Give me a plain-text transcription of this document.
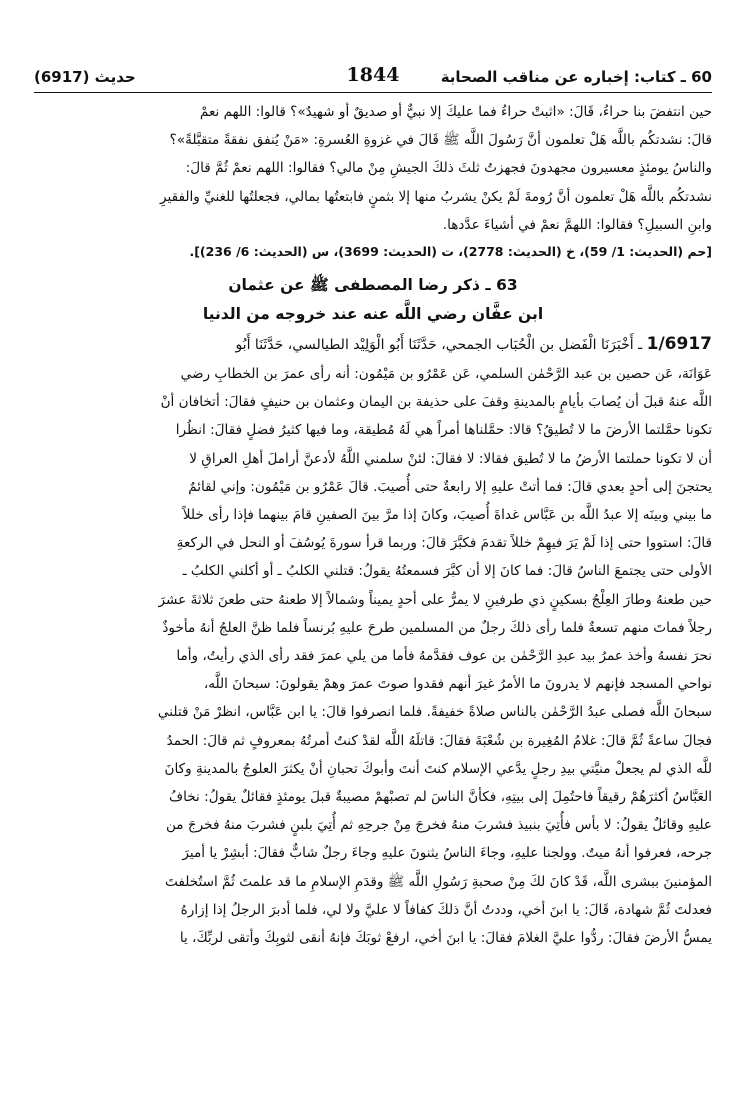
حديث (6917)	1844	60 ـ كتاب: إخباره عن مناقب الصحابة
حين انتفضَ بنا حراءُ، قَالَ: «اثبتْ حراءُ فما عليكَ إلا نبيٌّ أو صديقٌ أو شهيدٌ»؟ قالوا: اللهم نعمْ
قالَ: نشدتكُم باللَّه هَلْ تعلمون أنَّ رَسُولَ اللَّه ﷺ قَالَ في غزوةِ العُسرةِ: «مَنْ يُنفق نفقةً متقبَّلةً»؟
والناسُ يومئذٍ معسيرون مجهدونَ فجهزتُ ثلثَ ذلكَ الجيشِ مِنْ مالي؟ فقالوا: اللهم نعمْ ثُمَّ قالَ:
نشدتكُم باللَّه هَلْ تعلمون أنَّ رُومةَ لَمْ يكنْ يشربُ منها إلا بثمنٍ فابتعتُها بمالي، فجعلتُها للغنيِّ والفقيرِ
وابنِ السبيلِ؟ فقالوا: اللهمَّ نعمْ في أشياءَ عدَّدها.
[حم (الحديث: 1/ 59)، خ (الحديث: 2778)، ت (الحديث: 3699)، س (الحديث: 6/ 236)].
63 ـ ذكر رضا المصطفى ﷺ عن عثمان
ابن عفَّان رضي اللَّه عنه عند خروجه من الدنيا
1/6917 ـ أَخْبَرَنَا الْفَضل بن الْحُبَاب الجمحي، حَدَّثَنَا أَبُو الْوَلِيْد الطيالسي، حَدَّثَنَا أَبُو
عَوَانَة، عَن حصين بن عبد الرَّحْمٰن السلمي، عَن عَمْرُو بن مَيْمُون: أنه رأى عمرَ بن الخطابِ رضي
اللَّه عنهُ قبلَ أن يُصابَ بأيامٍ بالمدينةِ وقفَ على حذيفة بن اليمان وعثمان بن حنيفٍ فقالَ: أتخافان أنْ
تكونا حمَّلتما الأرضَ ما لا تُطيقُ؟ قالا: حمَّلناها أمراً هي لَهُ مُطيقة، وما فيها كثيرُ فضلٍ فقالَ: انظُرا
أن لا تكونا حملتما الأرضُ ما لا تُطيق فقالا: لا فقالَ: لئنْ سلمني اللَّهُ لأدعنَّ أراملَ أهلِ العراقِ لا
يحتجنَ إلى أحدٍ بعدي قالَ: فما أتتْ عليهِ إلا رابعةٌ حتى أُصيبَ. قالَ عَمْرُو بن مَيْمُون: وإني لقائمٌ
ما بيني وبينَه إلا عبدُ اللَّه بن عَبَّاس غداةَ أُصيبَ، وكانَ إذا مرَّ بينَ الصفينِ قامَ بينهما فإذا رأى خللاً
قالَ: استووا حتى إذا لَمْ يَرَ فيهِمْ خللاً تقدمَ فكبَّرَ قالَ: وربما قرأ سورةَ يُوسُفَ أو النحل في الركعةِ
الأولى حتى يجتمعَ الناسُ قالَ: فما كانَ إلا أن كبَّرَ فسمعتُهُ يقولُ: قتلني الكلبُ ـ أو أكلني الكلبُ ـ
حين طعنهُ وطارَ العِلْجُ بسكينٍ ذي طرفينِ لا يمرُّ على أحدٍ يميناً وشمالاً إلا طعنهُ حتى طعنَ ثلاثةَ عشرَ
رجلاً فماتَ منهم تسعةٌ فلما رأى ذلكَ رجلٌ من المسلمين طرحَ عليهِ بُرنساً فلما ظنَّ العلجُ أنهُ مأخوذٌ
نحرَ نفسهُ وأخذ عمرُ بيد عبدِ الرَّحْمٰن بن عوف فقدَّمهُ فأما من يلي عمرَ فقد رأى الذي رأيتُ، وأما
نواحي المسجد فإنهم لا يدرونَ ما الأمرُ غيرَ أنهم فقدوا صوتَ عمرَ وهمْ يقولونَ: سبحانَ اللَّه،
سبحانَ اللَّه فصلى عبدُ الرَّحْمٰن بالناس صلاةً خفيفةً. فلما انصرفوا قالَ: يا ابن عَبَّاس، انظرْ مَنْ قتلني
فجالَ ساعةً ثُمَّ قالَ: غلامُ المُغِيرة بن شُعْبَةَ فقالَ: قاتلَهُ اللَّه لقدْ كنتُ أمرتُهُ بمعروفٍ ثم قالَ: الحمدُ
للَّه الذي لم يجعلْ منيَّتي بيدِ رجلٍ يدَّعي الإسلام كنتَ أنتَ وأبوكَ تحبانِ أنْ يكثرَ العلوجُ بالمدينةِ وكانَ
العَبَّاسُ أكثرَهُمْ رقيقاً فاحتُمِلَ إلى بيتِهِ، فكأنَّ الناسَ لم تصبْهمْ مصيبةٌ قبلَ يومئذٍ فقائلٌ يقولُ: نخافُ
عليهِ وقائلٌ يقولُ: لا بأس فأُتِيَ بنبيذ فشربَ منهُ فخرجَ مِنْ جرحِهِ ثم أُتِيَ بلبنٍ فشربَ منهُ فخرجَ من
جرحه، فعرفوا أنهُ ميتٌ. وولجنا عليهِ، وجاءَ الناسُ يثنونَ عليهِ وجاءَ رجلٌ شابٌّ فقالَ: أبشِرْ يا أميرَ
المؤمنينَ ببشرى اللَّه، قَدْ كانَ لكَ مِنْ صحبةِ رَسُولِ اللَّه ﷺ وقدَمِ الإسلامِ ما قد علمتَ ثُمَّ استُخلفتَ
فعدلتَ ثُمَّ شهادة، قَالَ: يا ابنَ أخي، وددتُ أنَّ ذلكَ كفافاً لا عليَّ ولا لي، فلما أدبرَ الرجلُ إذا إزارهُ
يمسُّ الأرضَ فقالَ: ردُّوا عليَّ الغلامَ فقالَ: يا ابنَ أخي، ارفعْ ثوبَكَ فإنهُ أنقى لثوبِكَ وأتقى لربِّكَ، يا
